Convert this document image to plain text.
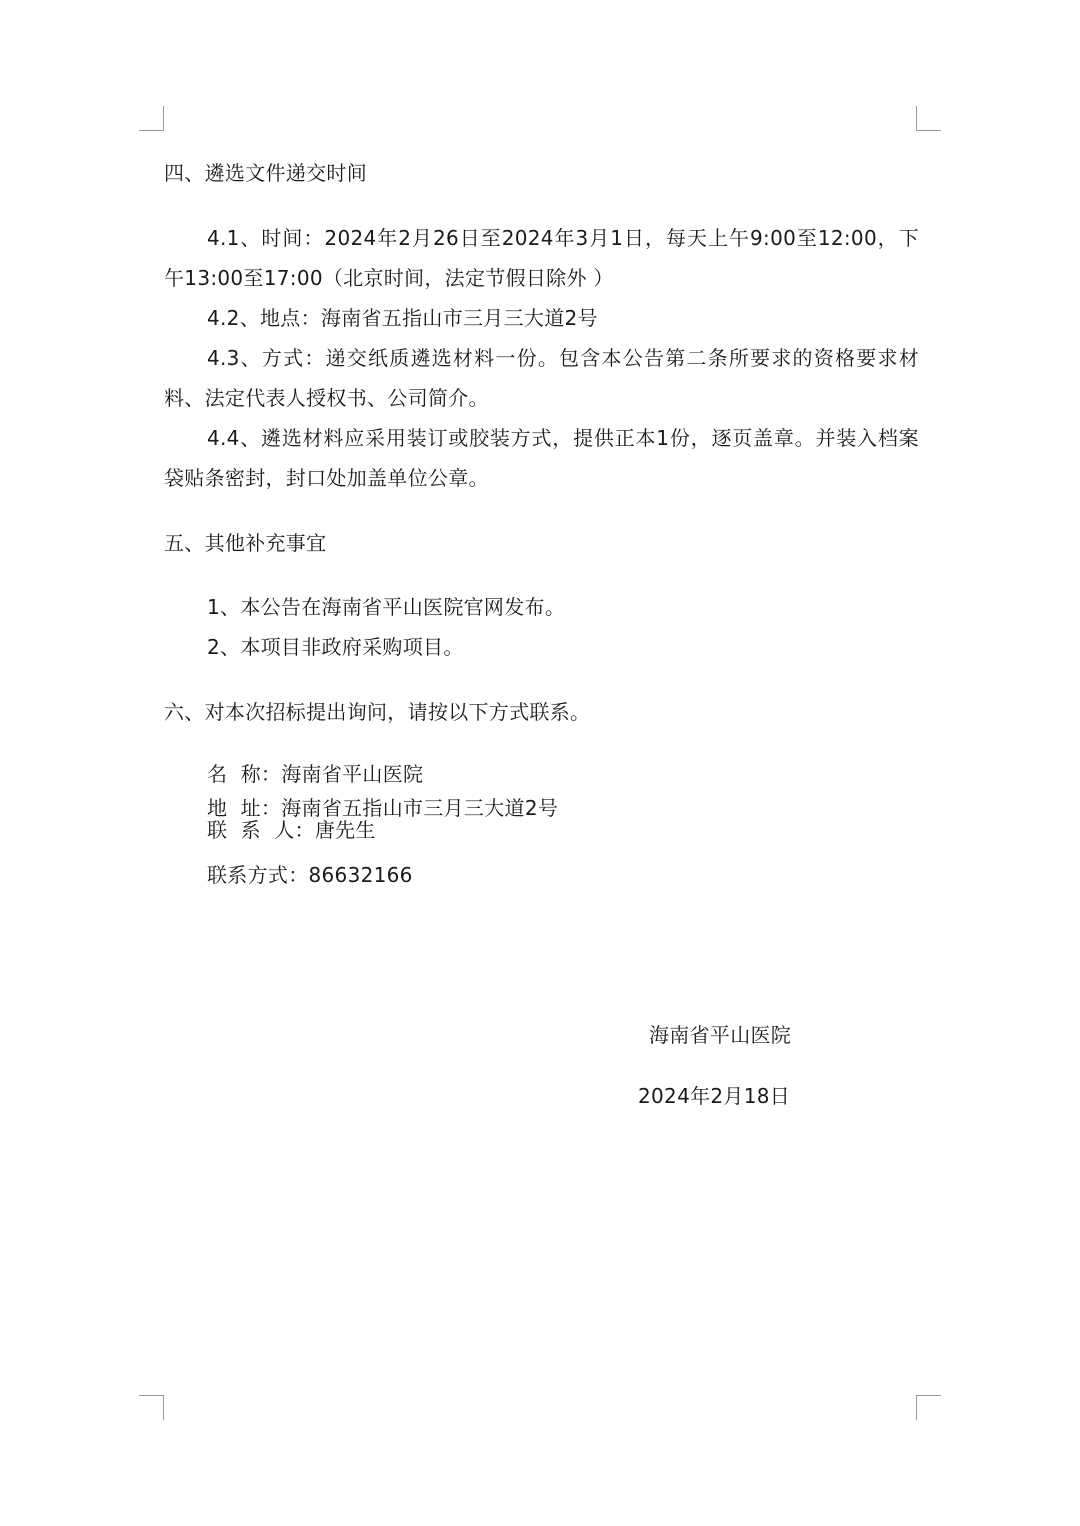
四、遴选文件递交时间
4.1、时间：2024年2月26日至2024年3月1日，每天上午9:00至12:00，下午13:00至17:00（北京时间，法定节假日除外 ）
4.2、地点：海南省五指山市三月三大道2号
4.3、方式：递交纸质遴选材料一份。包含本公告第二条所要求的资格要求材料、法定代表人授权书、公司简介。
4.4、遴选材料应采用装订或胶装方式，提供正本1份，逐页盖章。并装入档案袋贴条密封，封口处加盖单位公章。
五、其他补充事宜
1、本公告在海南省平山医院官网发布。
2、本项目非政府采购项目。
六、对本次招标提出询问，请按以下方式联系。
名  称：海南省平山医院
地  址：海南省五指山市三月三大道2号
联  系  人：唐先生
联系方式：86632166
海南省平山医院
2024年2月18日
